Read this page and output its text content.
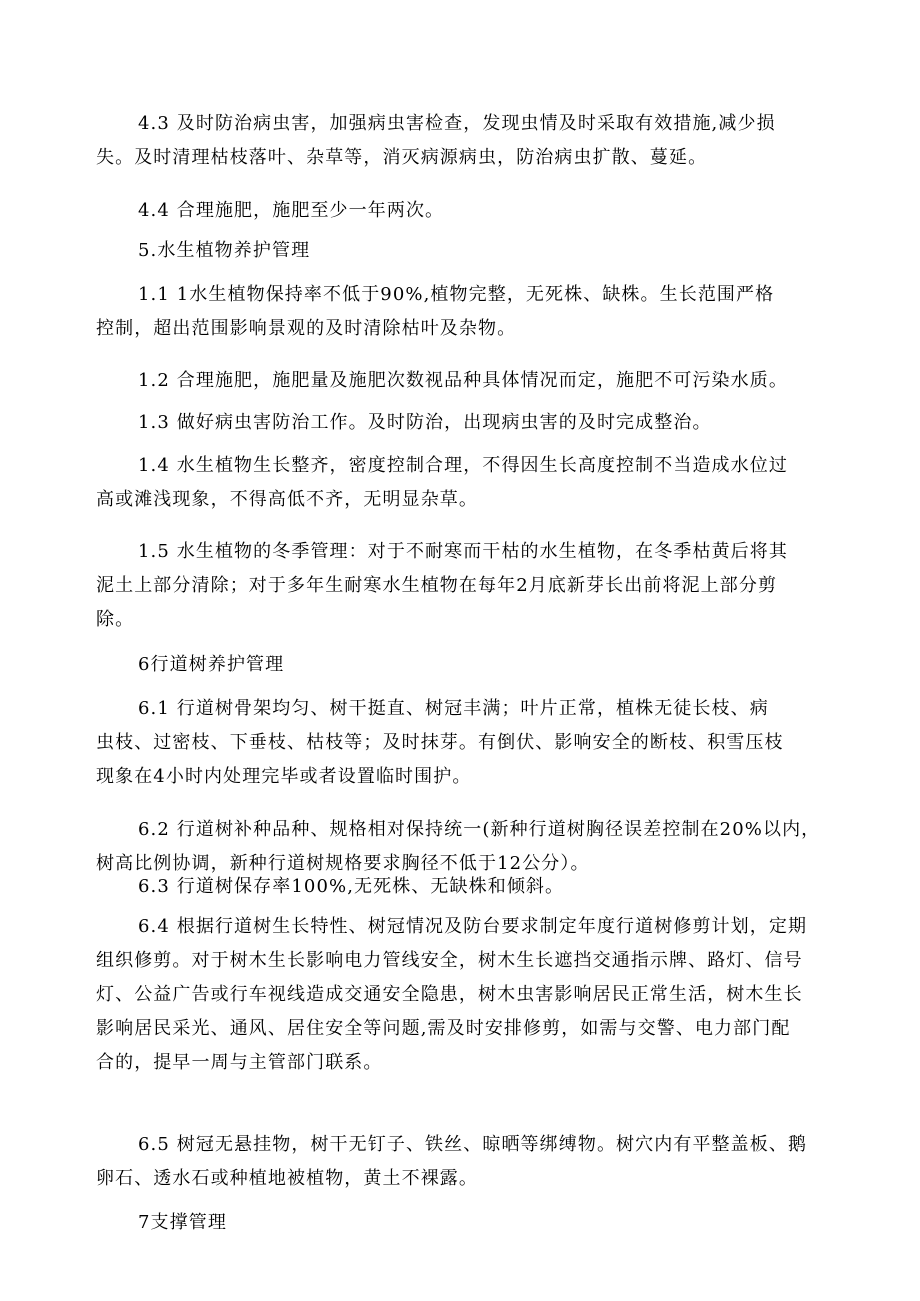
4.3 及时防治病虫害，加强病虫害检查，发现虫情及时采取有效措施,减少损
失。及时清理枯枝落叶、杂草等，消灭病源病虫，防治病虫扩散、蔓延。
4.4 合理施肥，施肥至少一年两次。
5.水生植物养护管理
1.1 1水生植物保持率不低于90%,植物完整，无死株、缺株。生长范围严格
控制，超出范围影响景观的及时清除枯叶及杂物。
1.2 合理施肥，施肥量及施肥次数视品种具体情况而定，施肥不可污染水质。
1.3 做好病虫害防治工作。及时防治，出现病虫害的及时完成整治。
1.4 水生植物生长整齐，密度控制合理，不得因生长高度控制不当造成水位过
高或滩浅现象，不得高低不齐，无明显杂草。
1.5 水生植物的冬季管理：对于不耐寒而干枯的水生植物，在冬季枯黄后将其
泥土上部分清除；对于多年生耐寒水生植物在每年2月底新芽长出前将泥上部分剪
除。
6行道树养护管理
6.1 行道树骨架均匀、树干挺直、树冠丰满；叶片正常，植株无徒长枝、病
虫枝、过密枝、下垂枝、枯枝等；及时抹芽。有倒伏、影响安全的断枝、积雪压枝
现象在4小时内处理完毕或者设置临时围护。
6.2 行道树补种品种、规格相对保持统一(新种行道树胸径误差控制在20%以内，
树高比例协调，新种行道树规格要求胸径不低于12公分）。
6.3 行道树保存率100%,无死株、无缺株和倾斜。
6.4 根据行道树生长特性、树冠情况及防台要求制定年度行道树修剪计划，定期
组织修剪。对于树木生长影响电力管线安全，树木生长遮挡交通指示牌、路灯、信号
灯、公益广告或行车视线造成交通安全隐患，树木虫害影响居民正常生活，树木生长
影响居民采光、通风、居住安全等问题,需及时安排修剪，如需与交警、电力部门配
合的，提早一周与主管部门联系。
6.5 树冠无悬挂物，树干无钉子、铁丝、晾晒等绑缚物。树穴内有平整盖板、鹅
卵石、透水石或种植地被植物，黄土不裸露。
7支撑管理
